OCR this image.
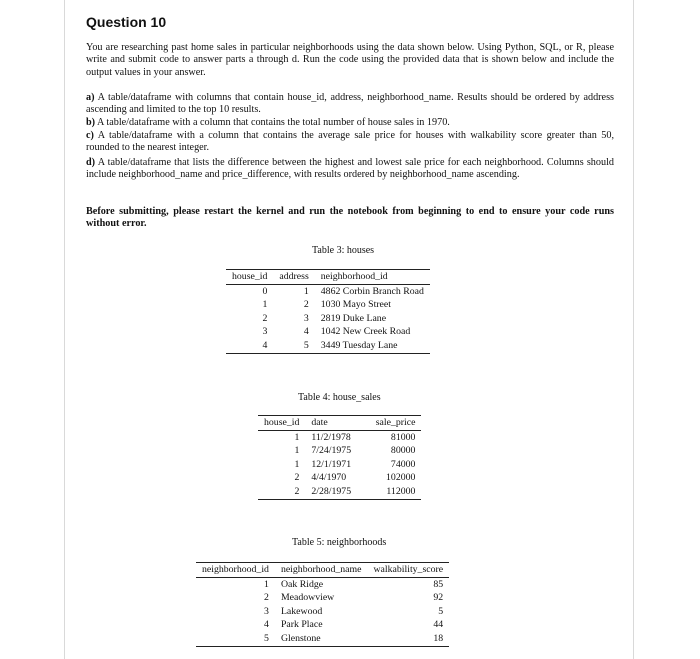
Question 10

You are researching past home sales in particular neighborhoods using the data shown below. Using Python, SQL, or R, please write and submit code to answer parts a through d. Run the code using the provided data that is shown below and include the output values in your answer.

a) A table/dataframe with columns that contain house_id, address, neighborhood_name. Results should be ordered by address ascending and limited to the top 10 results.

b) A table/dataframe with a column that contains the total number of house sales in 1970.

c) A table/dataframe with a column that contains the average sale price for houses with walkability score greater than 50, rounded to the nearest integer.

d) A table/dataframe that lists the difference between the highest and lowest sale price for each neighborhood. Columns should include neighborhood_name and price_difference, with results ordered by neighborhood_name ascending.

Before submitting, please restart the kernel and run the notebook from beginning to end to ensure your code runs without error.

Table 3: houses
house_id	address	neighborhood_id
0	1	4862 Corbin Branch Road
1	2	1030 Mayo Street
2	3	2819 Duke Lane
3	4	1042 New Creek Road
4	5	3449 Tuesday Lane
Table 4: house_sales
house_id	date	sale_price
1	11/2/1978	81000
1	7/24/1975	80000
1	12/1/1971	74000
2	4/4/1970	102000
2	2/28/1975	112000
Table 5: neighborhoods
neighborhood_id	neighborhood_name	walkability_score
1	Oak Ridge	85
2	Meadowview	92
3	Lakewood	5
4	Park Place	44
5	Glenstone	18
